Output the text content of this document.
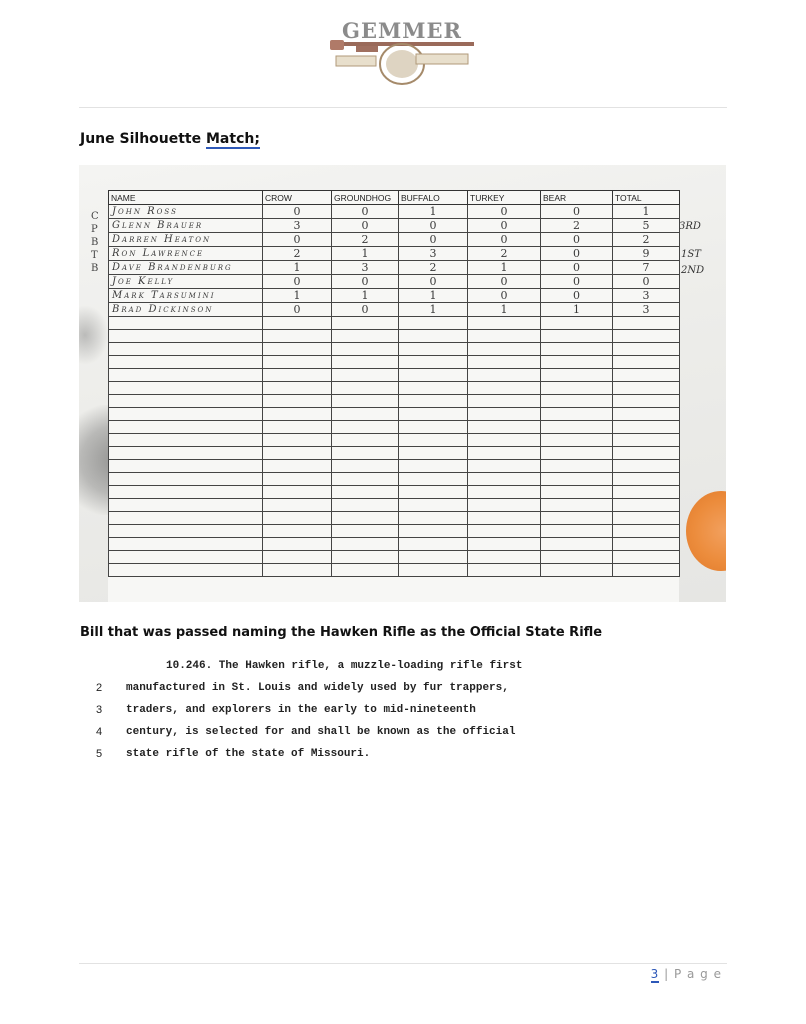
GEMMER
June Silhouette Match;
C
P
B
T
B
3RD
1ST
2ND
NAME	CROW	GROUNDHOG	BUFFALO	TURKEY	BEAR	TOTAL
John Ross	0	0	1	0	0	1
Glenn Brauer	3	0	0	0	2	5
Darren Heaton	0	2	0	0	0	2
Ron Lawrence	2	1	3	2	0	9
Dave Brandenburg	1	3	2	1	0	7
Joe Kelly	0	0	0	0	0	0
Mark Tarsumini	1	1	1	0	0	3
Brad Dickinson	0	0	1	1	1	3

Bill that was passed naming the Hawken Rifle as the Official State Rifle
10.246. The Hawken rifle, a muzzle-loading rifle first
2	manufactured in St. Louis and widely used by fur trappers,
3	traders, and explorers in the early to mid-nineteenth
4	century, is selected for and shall be known as the official
5	state rifle of the state of Missouri.
3 | P a g e
